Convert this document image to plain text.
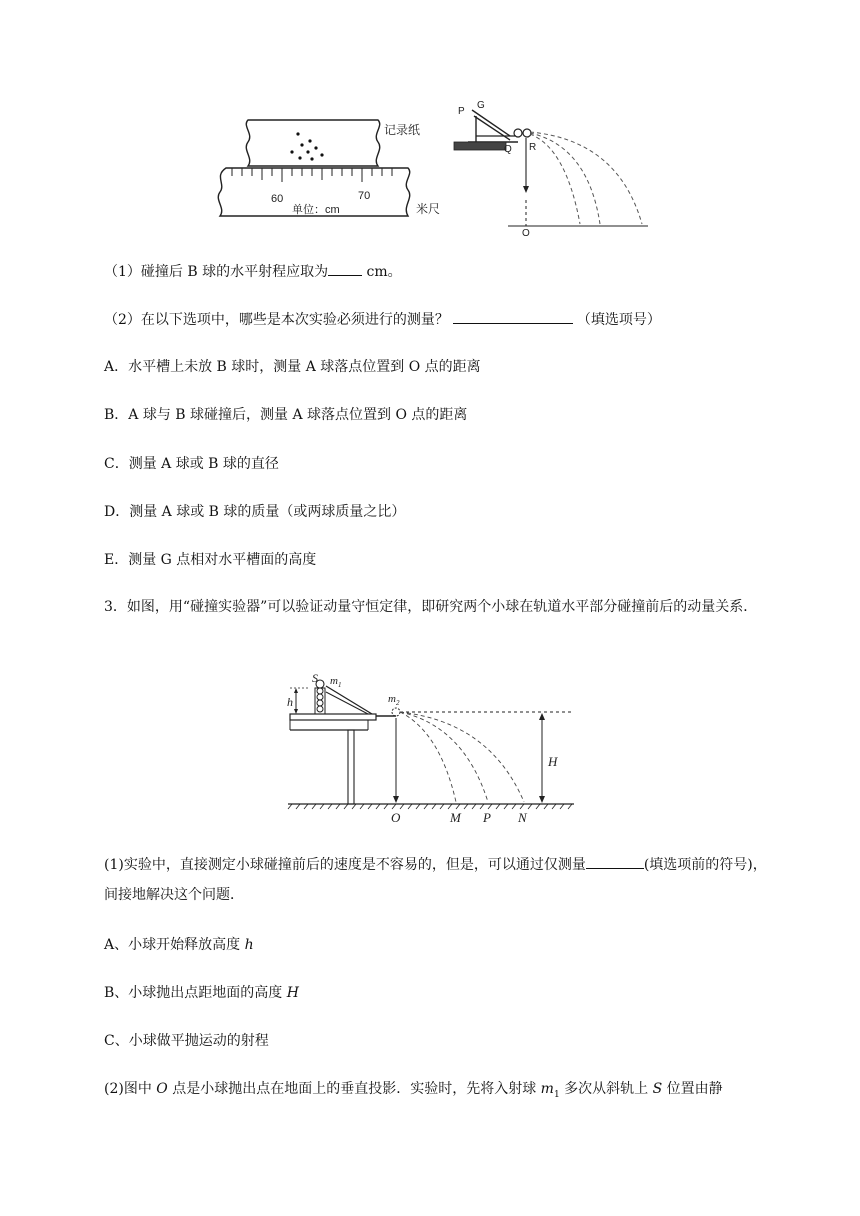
60	70
单位：cm
记录纸
米尺
P
G
Q R
O
（1）碰撞后 B 球的水平射程应取为 cm。
（2）在以下选项中，哪些是本次实验必须进行的测量？	（填选项号）
A．水平槽上未放 B 球时，测量 A 球落点位置到 O 点的距离
B．A 球与 B 球碰撞后，测量 A 球落点位置到 O 点的距离
C．测量 A 球或 B 球的直径
D．测量 A 球或 B 球的质量（或两球质量之比）
E．测量 G 点相对水平槽面的高度
3．如图，用“碰撞实验器”可以验证动量守恒定律，即研究两个小球在轨道水平部分碰撞前后的动量关系．
S $m_1$
$m_2$
h
H
O	M P N
(1)实验中，直接测定小球碰撞前后的速度是不容易的，但是，可以通过仅测量	(填选项前的符号)，间接地解决这个问题．
A、小球开始释放高度 h
B、小球抛出点距地面的高度 H
C、小球做平抛运动的射程
(2)图中 O 点是小球抛出点在地面上的垂直投影．实验时，先将入射球 $m_1$ 多次从斜轨上 S 位置由静
